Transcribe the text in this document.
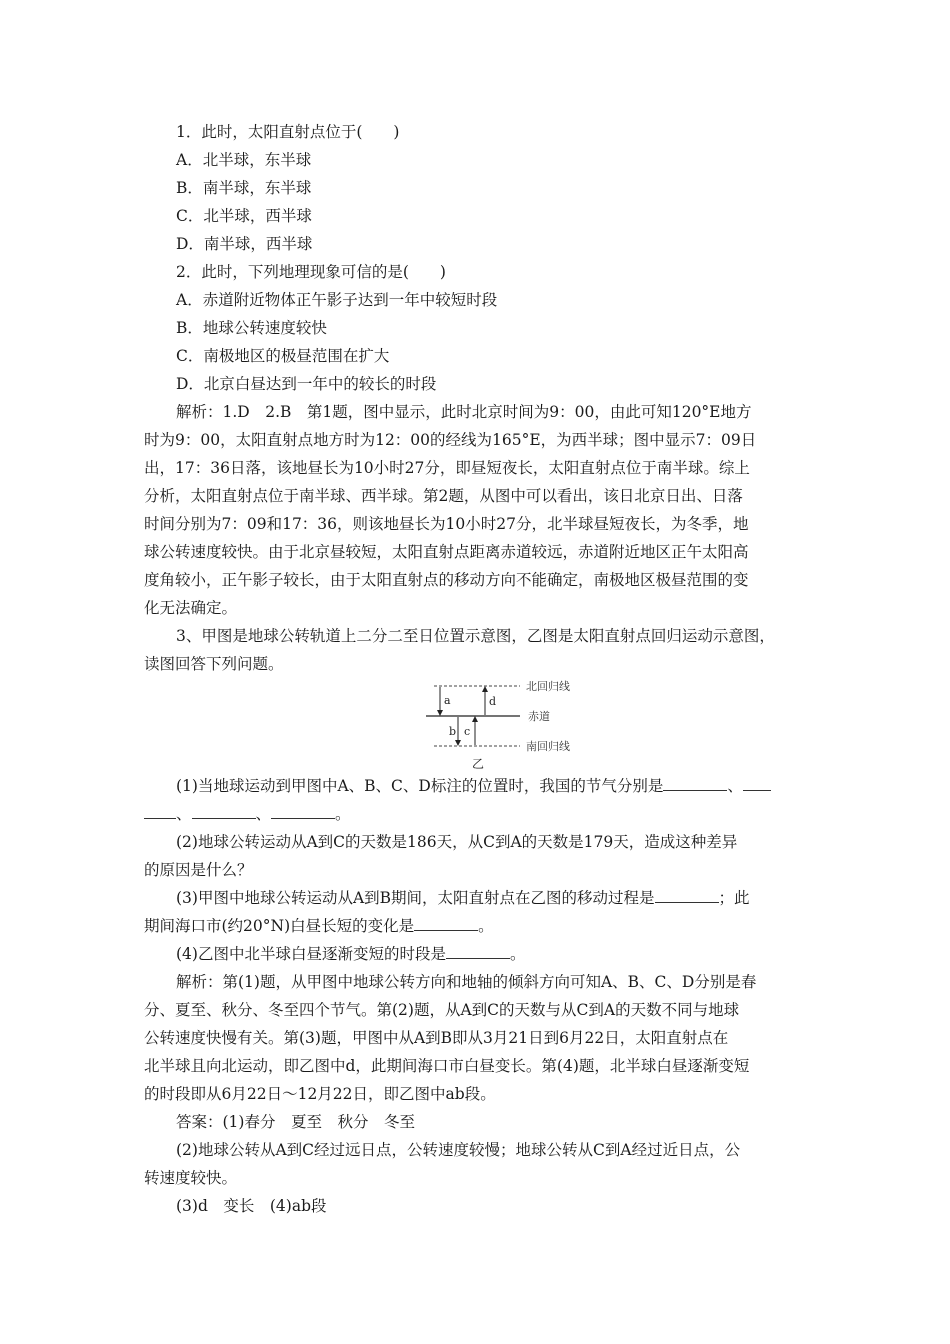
1．此时，太阳直射点位于(　　)
A．北半球，东半球
B．南半球，东半球
C．北半球，西半球
D．南半球，西半球
2．此时，下列地理现象可信的是(　　)
A．赤道附近物体正午影子达到一年中较短时段
B．地球公转速度较快
C．南极地区的极昼范围在扩大
D．北京白昼达到一年中的较长的时段
解析：1.D　2.B　第1题，图中显示，此时北京时间为9：00，由此可知120°E地方
时为9：00，太阳直射点地方时为12：00的经线为165°E，为西半球；图中显示7：09日
出，17：36日落，该地昼长为10小时27分，即昼短夜长，太阳直射点位于南半球。综上
分析，太阳直射点位于南半球、西半球。第2题，从图中可以看出，该日北京日出、日落
时间分别为7：09和17：36，则该地昼长为10小时27分，北半球昼短夜长，为冬季，地
球公转速度较快。由于北京昼较短，太阳直射点距离赤道较远，赤道附近地区正午太阳高
度角较小，正午影子较长，由于太阳直射点的移动方向不能确定，南极地区极昼范围的变
化无法确定。
3、甲图是地球公转轨道上二分二至日位置示意图，乙图是太阳直射点回归运动示意图，
读图回答下列问题。
北回归线
赤道
南回归线
a	d
b c
乙
(1)当地球运动到甲图中A、B、C、D标注的位置时，我国的节气分别是	、
、	、	。
(2)地球公转运动从A到C的天数是186天，从C到A的天数是179天，造成这种差异
的原因是什么？
(3)甲图中地球公转运动从A到B期间，太阳直射点在乙图的移动过程是	；此
期间海口市(约20°N)白昼长短的变化是	。
(4)乙图中北半球白昼逐渐变短的时段是	。
解析：第(1)题，从甲图中地球公转方向和地轴的倾斜方向可知A、B、C、D分别是春
分、夏至、秋分、冬至四个节气。第(2)题，从A到C的天数与从C到A的天数不同与地球
公转速度快慢有关。第(3)题，甲图中从A到B即从3月21日到6月22日，太阳直射点在
北半球且向北运动，即乙图中d，此期间海口市白昼变长。第(4)题，北半球白昼逐渐变短
的时段即从6月22日～12月22日，即乙图中ab段。
答案：(1)春分　夏至　秋分　冬至
(2)地球公转从A到C经过远日点，公转速度较慢；地球公转从C到A经过近日点，公
转速度较快。
(3)d　变长　(4)ab段
